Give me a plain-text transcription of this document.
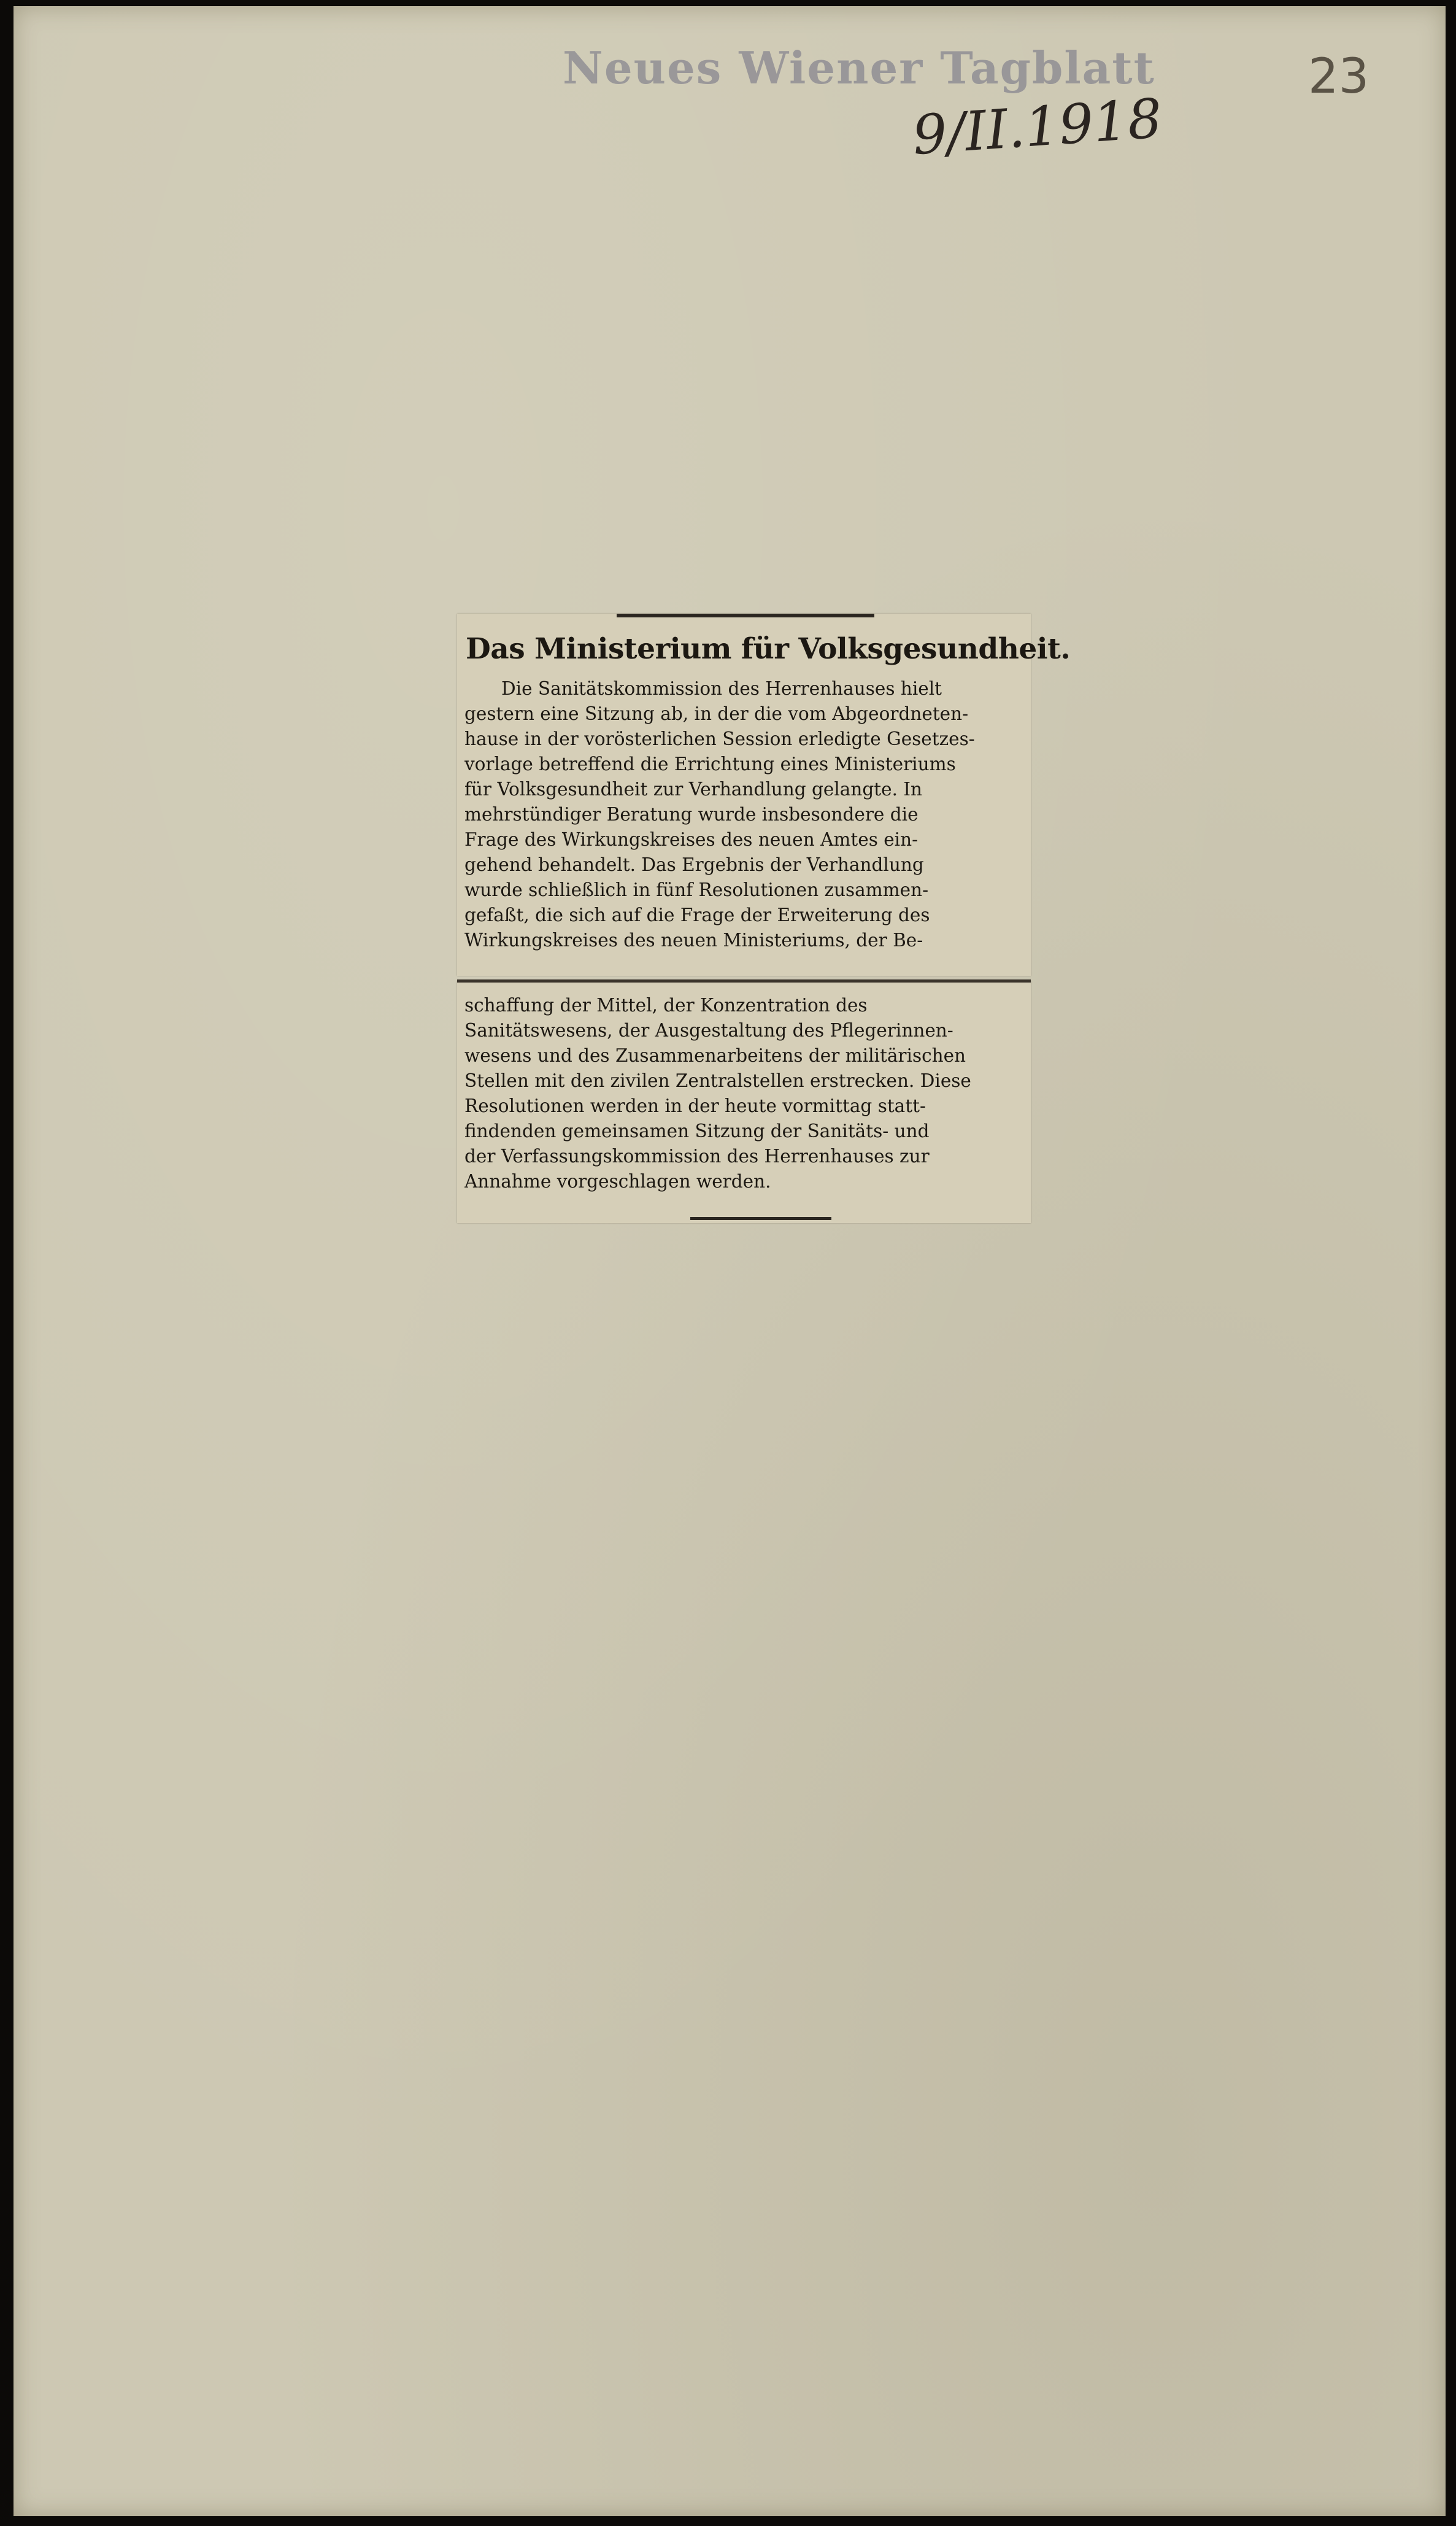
Neues Wiener Tagblatt
9/II.1918
23
Das Ministerium für Volksgesundheit.
Die Sanitätskommission des Herrenhauses hielt
gestern eine Sitzung ab, in der die vom Abgeordneten-
hause in der vorösterlichen Session erledigte Gesetzes-
vorlage betreffend die Errichtung eines Ministeriums
für Volksgesundheit zur Verhandlung gelangte. In
mehrstündiger Beratung wurde insbesondere die
Frage des Wirkungskreises des neuen Amtes ein-
gehend behandelt. Das Ergebnis der Verhandlung
wurde schließlich in fünf Resolutionen zusammen-
gefaßt, die sich auf die Frage der Erweiterung des
Wirkungskreises des neuen Ministeriums, der Be-
schaffung der Mittel, der Konzentration des
Sanitätswesens, der Ausgestaltung des Pflegerinnen-
wesens und des Zusammenarbeitens der militärischen
Stellen mit den zivilen Zentralstellen erstrecken. Diese
Resolutionen werden in der heute vormittag statt-
findenden gemeinsamen Sitzung der Sanitäts- und
der Verfassungskommission des Herrenhauses zur
Annahme vorgeschlagen werden.
